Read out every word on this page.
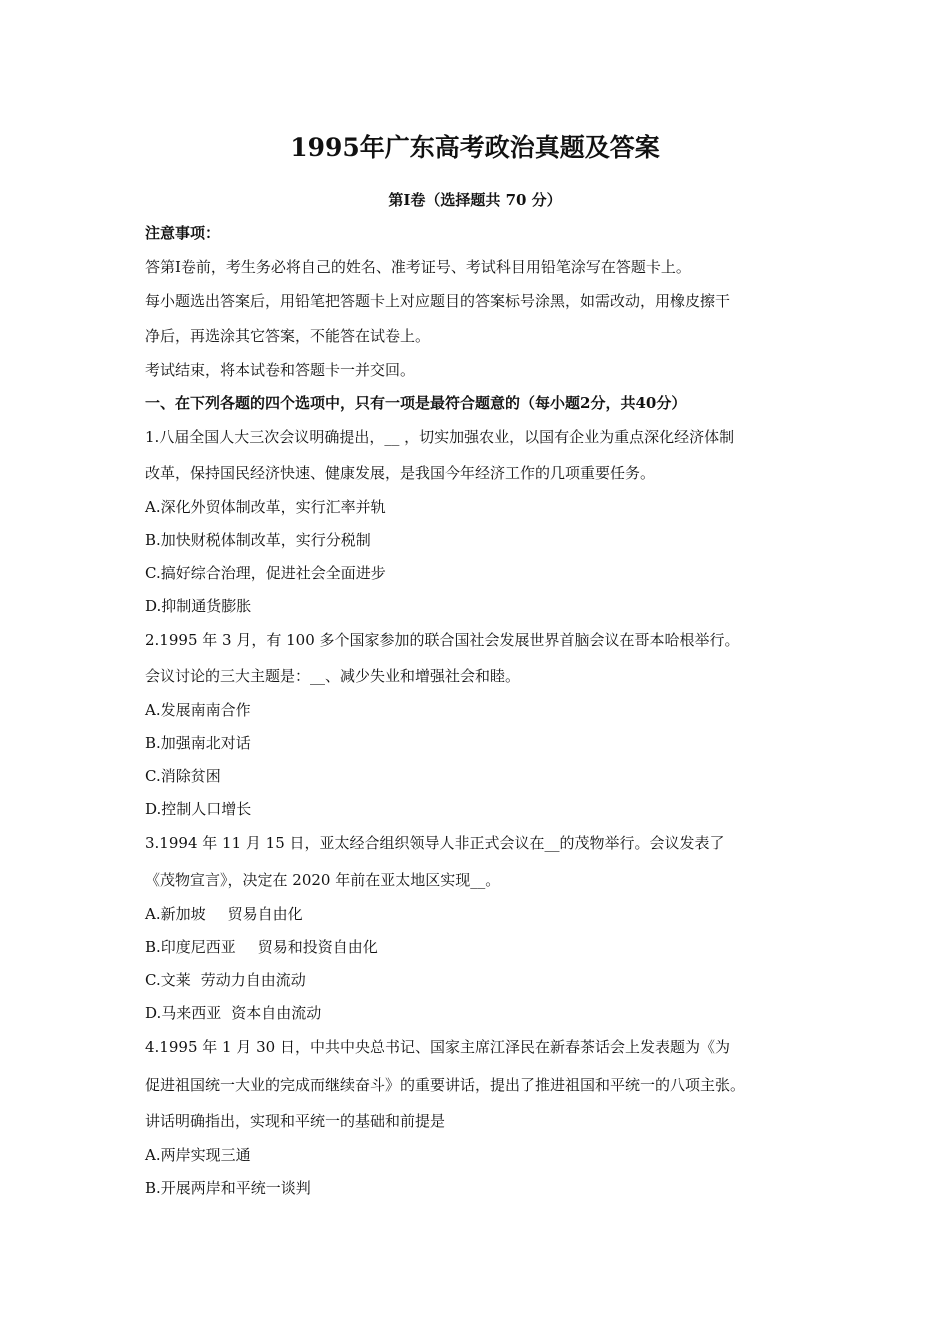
1995年广东高考政治真题及答案
第Ⅰ卷（选择题共 70 分）
注意事项：
答第Ⅰ卷前，考生务必将自己的姓名、准考证号、考试科目用铅笔涂写在答题卡上。
每小题选出答案后，用铅笔把答题卡上对应题目的答案标号涂黑，如需改动，用橡皮擦干
净后，再选涂其它答案，不能答在试卷上。
考试结束，将本试卷和答题卡一并交回。
一、在下列各题的四个选项中，只有一项是最符合题意的（每小题2分，共40分）
1.八届全国人大三次会议明确提出，__ ，切实加强农业，以国有企业为重点深化经济体制
改革，保持国民经济快速、健康发展，是我国今年经济工作的几项重要任务。
A.深化外贸体制改革，实行汇率并轨
B.加快财税体制改革，实行分税制
C.搞好综合治理，促进社会全面进步
D.抑制通货膨胀
2.1995 年 3 月，有 100 多个国家参加的联合国社会发展世界首脑会议在哥本哈根举行。
会议讨论的三大主题是：__、减少失业和增强社会和睦。
A.发展南南合作
B.加强南北对话
C.消除贫困
D.控制人口增长
3.1994 年 11 月 15 日，亚太经合组织领导人非正式会议在__的茂物举行。会议发表了
《茂物宣言》，决定在 2020 年前在亚太地区实现__。
A.新加坡 贸易自由化
B.印度尼西亚 贸易和投资自由化
C.文莱 劳动力自由流动
D.马来西亚 资本自由流动
4.1995 年 1 月 30 日，中共中央总书记、国家主席江泽民在新春茶话会上发表题为《为
促进祖国统一大业的完成而继续奋斗》的重要讲话，提出了推进祖国和平统一的八项主张。
讲话明确指出，实现和平统一的基础和前提是
A.两岸实现三通
B.开展两岸和平统一谈判
